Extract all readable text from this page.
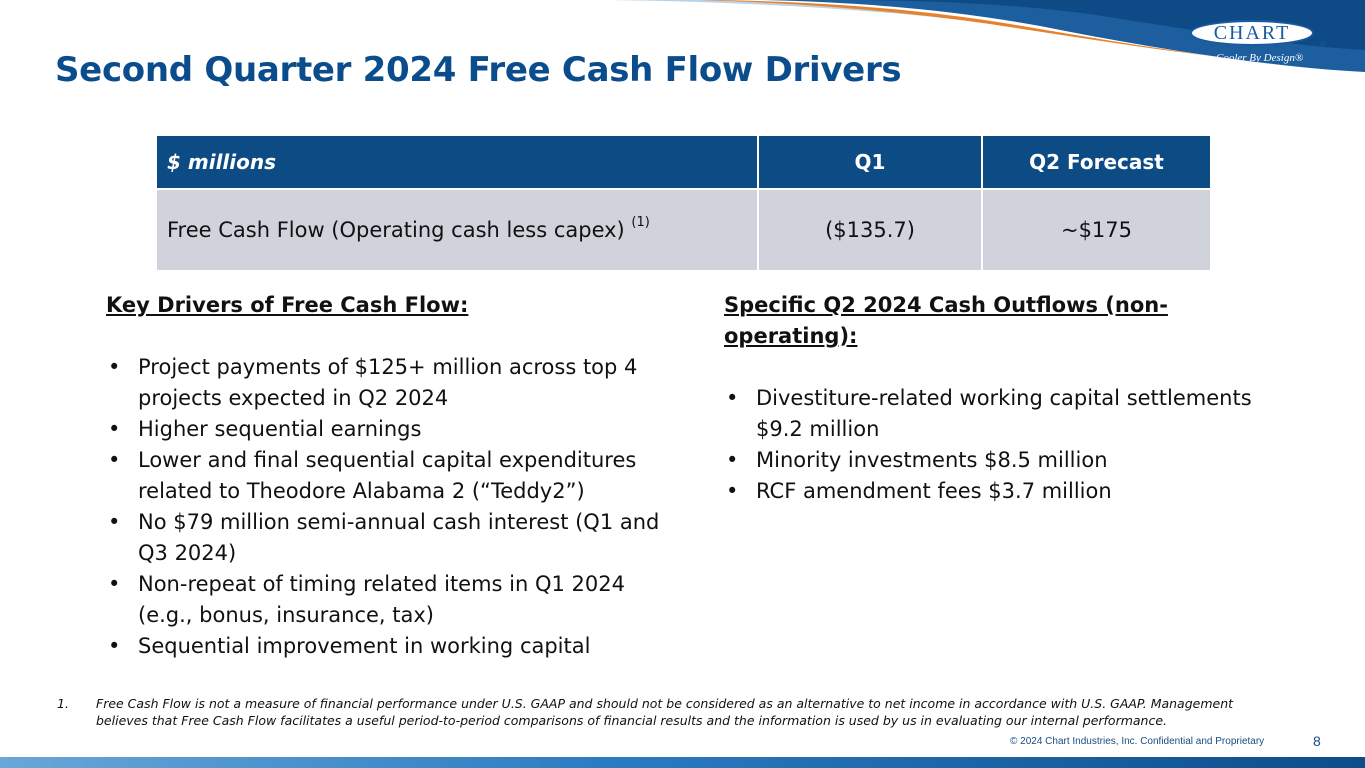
CHART
®
Cooler By Design®
Second Quarter 2024 Free Cash Flow Drivers
$ millions	Q1	Q2 Forecast
Free Cash Flow (Operating cash less capex) $^{(1)}$	($135.7)	~$175
Key Drivers of Free Cash Flow:
• Project payments of $125+ million across top 4 projects expected in Q2 2024
• Higher sequential earnings
• Lower and final sequential capital expenditures related to Theodore Alabama 2 (“Teddy2”)
• No $79 million semi-annual cash interest (Q1 and Q3 2024)
• Non-repeat of timing related items in Q1 2024 (e.g., bonus, insurance, tax)
• Sequential improvement in working capital
Specific Q2 2024 Cash Outflows (non-operating):
• Divestiture-related working capital settlements $9.2 million
• Minority investments $8.5 million
• RCF amendment fees $3.7 million
1. Free Cash Flow is not a measure of financial performance under U.S. GAAP and should not be considered as an alternative to net income in accordance with U.S. GAAP. Management believes that Free Cash Flow facilitates a useful period-to-period comparisons of financial results and the information is used by us in evaluating our internal performance.
© 2024 Chart Industries, Inc. Confidential and Proprietary	8
